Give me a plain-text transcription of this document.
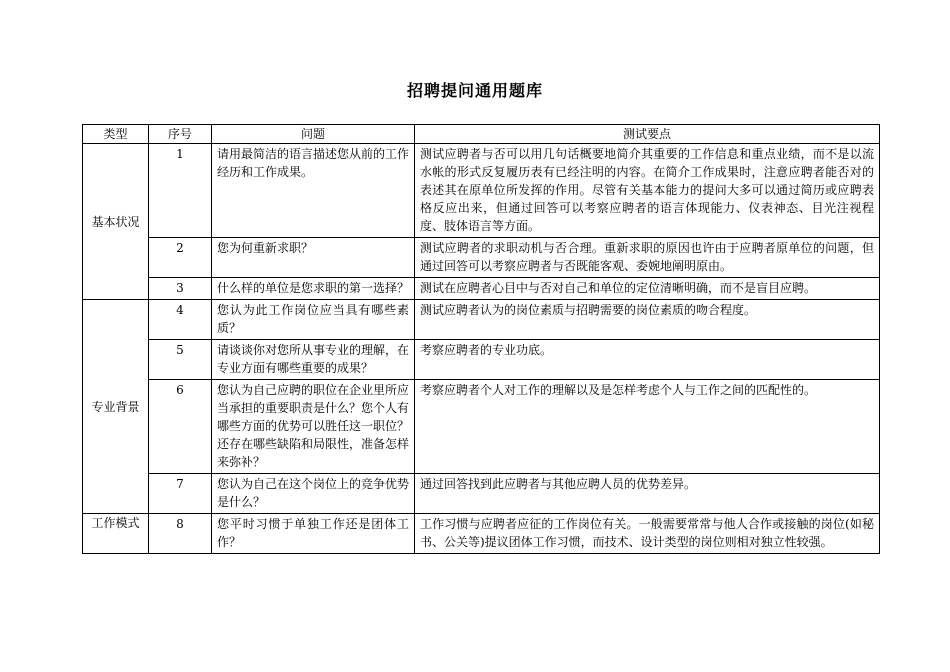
招聘提问通用题库
类型	序号	问题	测试要点
基本状况	1	请用最简洁的语言描述您从前的工作经历和工作成果。	测试应聘者与否可以用几句话概要地简介其重要的工作信息和重点业绩，而不是以流水帐的形式反复履历表有已经注明的内容。在简介工作成果时，注意应聘者能否对的表述其在原单位所发挥的作用。尽管有关基本能力的提问大多可以通过简历或应聘表格反应出来，但通过回答可以考察应聘者的语言体现能力、仪表神态、目光注视程度、肢体语言等方面。
	2	您为何重新求职？	测试应聘者的求职动机与否合理。重新求职的原因也许由于应聘者原单位的问题，但通过回答可以考察应聘者与否既能客观、委婉地阐明原由。
	3	什么样的单位是您求职的第一选择？	测试在应聘者心目中与否对自己和单位的定位清晰明确，而不是盲目应聘。
专业背景	4	您认为此工作岗位应当具有哪些素质？	测试应聘者认为的岗位素质与招聘需要的岗位素质的吻合程度。
	5	请谈谈你对您所从事专业的理解，在专业方面有哪些重要的成果？	考察应聘者的专业功底。
	6	您认为自己应聘的职位在企业里所应当承担的重要职责是什么？您个人有哪些方面的优势可以胜任这一职位？还存在哪些缺陷和局限性，准备怎样来弥补？	考察应聘者个人对工作的理解以及是怎样考虑个人与工作之间的匹配性的。
	7	您认为自己在这个岗位上的竞争优势是什么？	通过回答找到此应聘者与其他应聘人员的优势差异。
工作模式	8	您平时习惯于单独工作还是团体工作？	工作习惯与应聘者应征的工作岗位有关。一般需要常常与他人合作或接触的岗位(如秘书、公关等)提议团体工作习惯，而技术、设计类型的岗位则相对独立性较强。
